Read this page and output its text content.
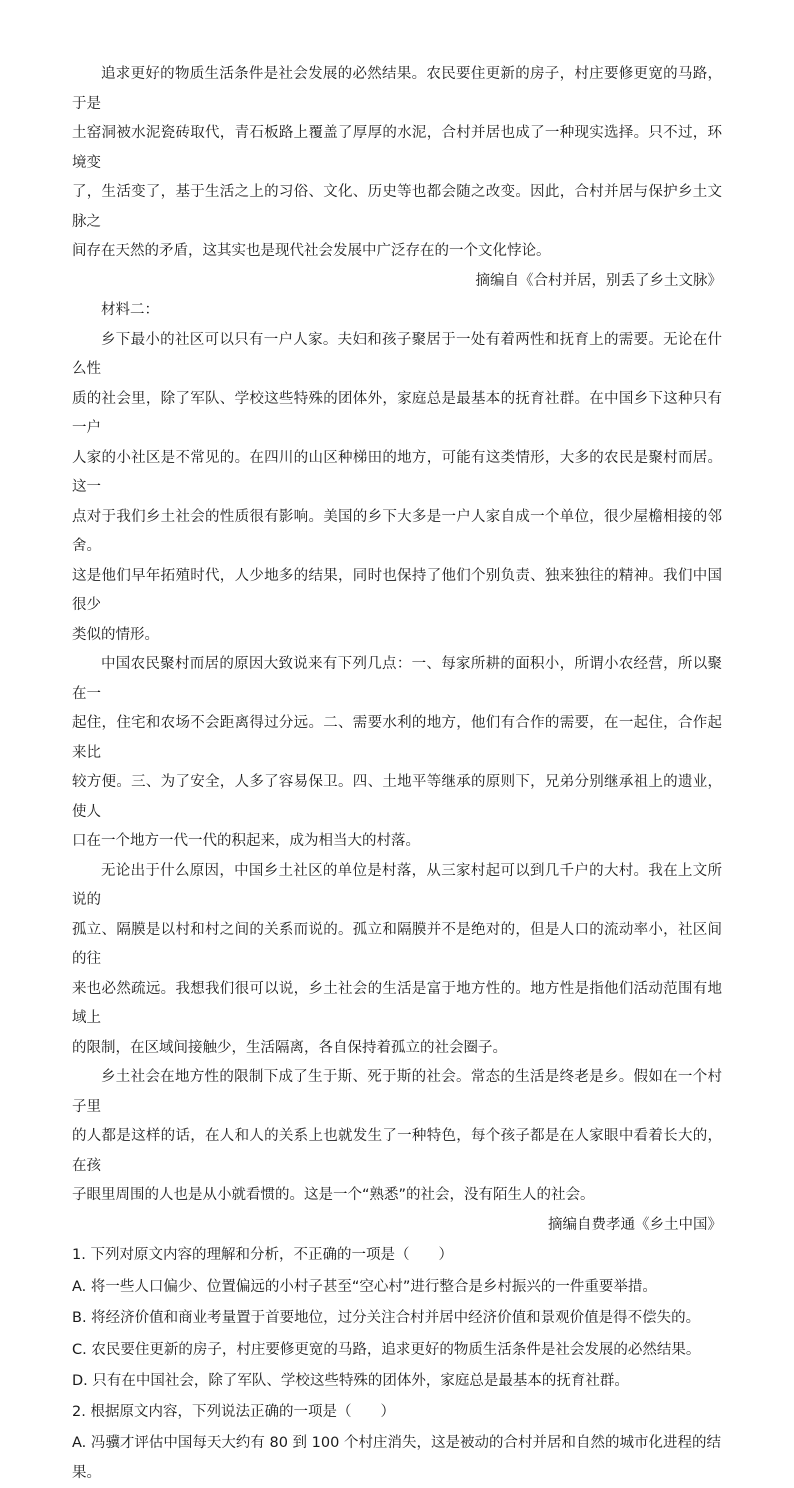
追求更好的物质生活条件是社会发展的必然结果。农民要住更新的房子，村庄要修更宽的马路，于是
土窑洞被水泥瓷砖取代，青石板路上覆盖了厚厚的水泥，合村并居也成了一种现实选择。只不过，环境变
了，生活变了，基于生活之上的习俗、文化、历史等也都会随之改变。因此，合村并居与保护乡土文脉之
间存在天然的矛盾，这其实也是现代社会发展中广泛存在的一个文化悖论。

摘编自《合村并居，别丢了乡土文脉》

材料二：

乡下最小的社区可以只有一户人家。夫妇和孩子聚居于一处有着两性和抚育上的需要。无论在什么性
质的社会里，除了军队、学校这些特殊的团体外，家庭总是最基本的抚育社群。在中国乡下这种只有一户
人家的小社区是不常见的。在四川的山区种梯田的地方，可能有这类情形，大多的农民是聚村而居。这一
点对于我们乡土社会的性质很有影响。美国的乡下大多是一户人家自成一个单位，很少屋檐相接的邻舍。
这是他们早年拓殖时代，人少地多的结果，同时也保持了他们个别负责、独来独往的精神。我们中国很少
类似的情形。
中国农民聚村而居的原因大致说来有下列几点：一、每家所耕的面积小，所谓小农经营，所以聚在一
起住，住宅和农场不会距离得过分远。二、需要水利的地方，他们有合作的需要，在一起住，合作起来比
较方便。三、为了安全，人多了容易保卫。四、土地平等继承的原则下，兄弟分别继承祖上的遗业，使人
口在一个地方一代一代的积起来，成为相当大的村落。
无论出于什么原因，中国乡土社区的单位是村落，从三家村起可以到几千户的大村。我在上文所说的
孤立、隔膜是以村和村之间的关系而说的。孤立和隔膜并不是绝对的，但是人口的流动率小，社区间的往
来也必然疏远。我想我们很可以说，乡土社会的生活是富于地方性的。地方性是指他们活动范围有地域上
的限制，在区域间接触少，生活隔离，各自保持着孤立的社会圈子。
乡土社会在地方性的限制下成了生于斯、死于斯的社会。常态的生活是终老是乡。假如在一个村子里
的人都是这样的话，在人和人的关系上也就发生了一种特色，每个孩子都是在人家眼中看着长大的，在孩
子眼里周围的人也是从小就看惯的。这是一个“熟悉”的社会，没有陌生人的社会。

摘编自费孝通《乡土中国》

1. 下列对原文内容的理解和分析，不正确的一项是（　　）

A. 将一些人口偏少、位置偏远的小村子甚至“空心村”进行整合是乡村振兴的一件重要举措。

B. 将经济价值和商业考量置于首要地位，过分关注合村并居中经济价值和景观价值是得不偿失的。

C. 农民要住更新的房子，村庄要修更宽的马路，追求更好的物质生活条件是社会发展的必然结果。

D. 只有在中国社会，除了军队、学校这些特殊的团体外，家庭总是最基本的抚育社群。

2. 根据原文内容，下列说法正确的一项是（　　）

A. 冯骥才评估中国每天大约有 80 到 100 个村庄消失，这是被动的合村并居和自然的城市化进程的结果。
